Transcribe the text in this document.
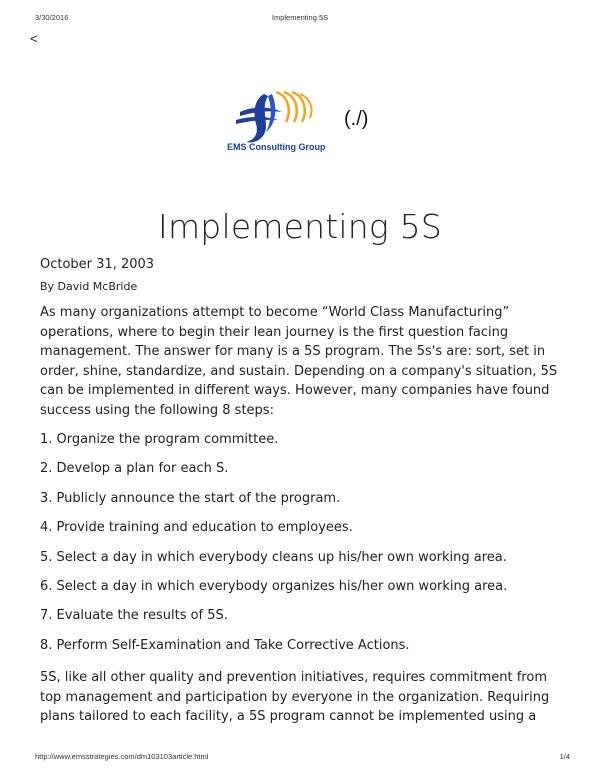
3/30/2016	Implementing 5S
<
EMS Consulting Group
(./)
Implementing 5S
October 31, 2003
By David McBride
As many organizations attempt to become “World Class Manufacturing”
operations, where to begin their lean journey is the first question facing
management. The answer for many is a 5S program. The 5s's are: sort, set in
order, shine, standardize, and sustain. Depending on a company's situation, 5S
can be implemented in different ways. However, many companies have found
success using the following 8 steps:
1. Organize the program committee.
2. Develop a plan for each S.
3. Publicly announce the start of the program.
4. Provide training and education to employees.
5. Select a day in which everybody cleans up his/her own working area.
6. Select a day in which everybody organizes his/her own working area.
7. Evaluate the results of 5S.
8. Perform Self-Examination and Take Corrective Actions.
5S, like all other quality and prevention initiatives, requires commitment from
top management and participation by everyone in the organization. Requiring
plans tailored to each facility, a 5S program cannot be implemented using a
http://www.emsstrategies.com/dm103103article.html	1/4
